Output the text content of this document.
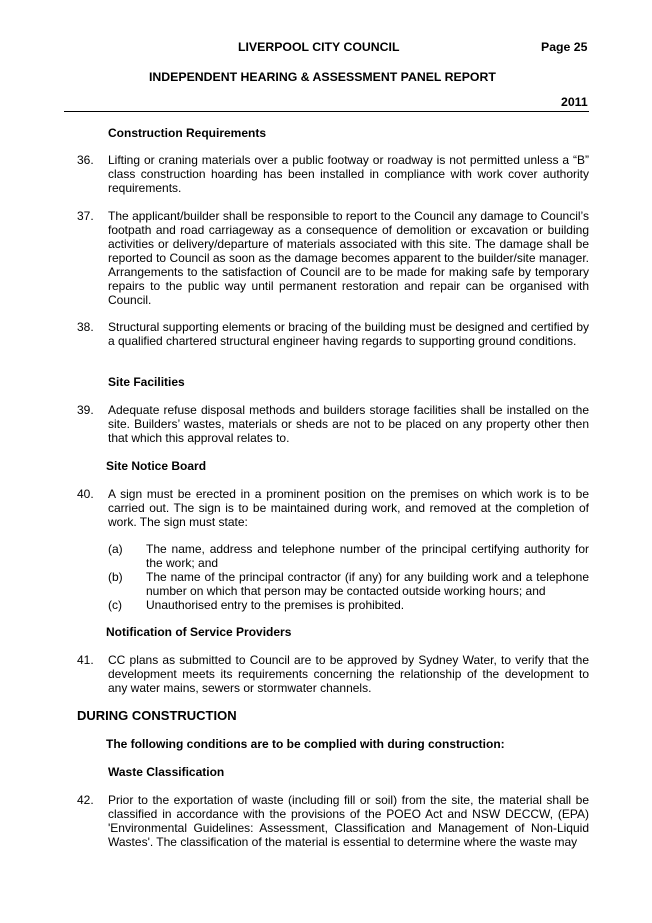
LIVERPOOL CITY COUNCIL	Page 25
INDEPENDENT HEARING & ASSESSMENT PANEL REPORT
2011
Construction Requirements
36. Lifting or craning materials over a public footway or roadway is not permitted unless a “B” class construction hoarding has been installed in compliance with work cover authority requirements.
37. The applicant/builder shall be responsible to report to the Council any damage to Council’s footpath and road carriageway as a consequence of demolition or excavation or building activities or delivery/departure of materials associated with this site. The damage shall be reported to Council as soon as the damage becomes apparent to the builder/site manager. Arrangements to the satisfaction of Council are to be made for making safe by temporary repairs to the public way until permanent restoration and repair can be organised with Council.
38. Structural supporting elements or bracing of the building must be designed and certified by a qualified chartered structural engineer having regards to supporting ground conditions.
Site Facilities
39. Adequate refuse disposal methods and builders storage facilities shall be installed on the site. Builders’ wastes, materials or sheds are not to be placed on any property other then that which this approval relates to.
Site Notice Board
40. A sign must be erected in a prominent position on the premises on which work is to be carried out. The sign is to be maintained during work, and removed at the completion of work. The sign must state:
(a) The name, address and telephone number of the principal certifying authority for the work; and
(b) The name of the principal contractor (if any) for any building work and a telephone number on which that person may be contacted outside working hours; and
(c) Unauthorised entry to the premises is prohibited.
Notification of Service Providers
41. CC plans as submitted to Council are to be approved by Sydney Water, to verify that the development meets its requirements concerning the relationship of the development to any water mains, sewers or stormwater channels.
DURING CONSTRUCTION
The following conditions are to be complied with during construction:
Waste Classification
42. Prior to the exportation of waste (including fill or soil) from the site, the material shall be classified in accordance with the provisions of the POEO Act and NSW DECCW, (EPA) 'Environmental Guidelines: Assessment, Classification and Management of Non-Liquid Wastes'. The classification of the material is essential to determine where the waste may
